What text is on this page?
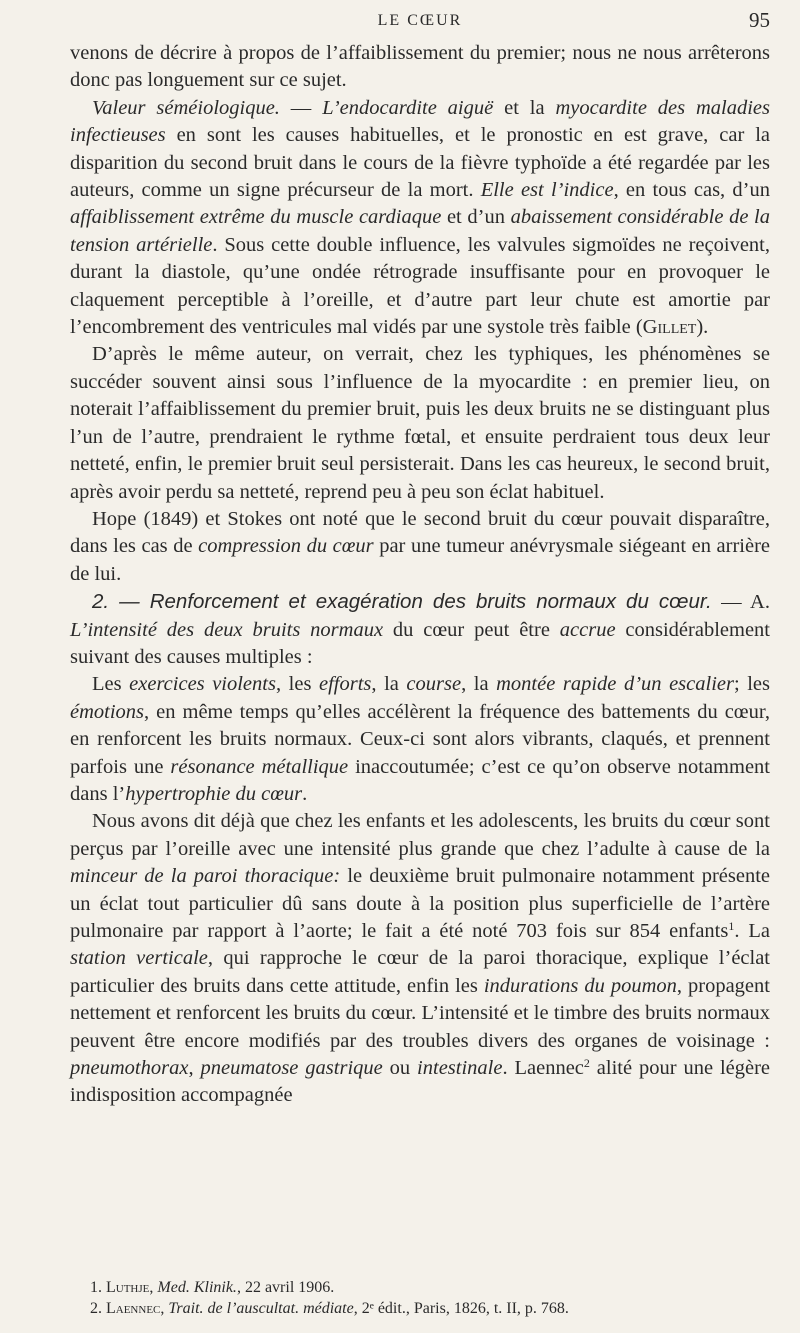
LE CŒUR	95

venons de décrire à propos de l’affaiblissement du premier; nous ne nous arrêterons donc pas longuement sur ce sujet.

Valeur séméiologique. — L’endocardite aiguë et la myocardite des maladies infectieuses en sont les causes habituelles, et le pronostic en est grave, car la disparition du second bruit dans le cours de la fièvre typhoïde a été regardée par les auteurs, comme un signe précurseur de la mort. Elle est l’indice, en tous cas, d’un affaiblissement extrême du muscle cardiaque et d’un abaissement considérable de la tension artérielle. Sous cette double influence, les valvules sigmoïdes ne reçoivent, durant la diastole, qu’une ondée rétrograde insuffisante pour en provoquer le claquement perceptible à l’oreille, et d’autre part leur chute est amortie par l’encombrement des ventricules mal vidés par une systole très faible (Gillet).

D’après le même auteur, on verrait, chez les typhiques, les phénomènes se succéder souvent ainsi sous l’influence de la myocardite : en premier lieu, on noterait l’affaiblissement du premier bruit, puis les deux bruits ne se distinguant plus l’un de l’autre, prendraient le rythme fœtal, et ensuite perdraient tous deux leur netteté, enfin, le premier bruit seul persisterait. Dans les cas heureux, le second bruit, après avoir perdu sa netteté, reprend peu à peu son éclat habituel.

Hope (1849) et Stokes ont noté que le second bruit du cœur pouvait disparaître, dans les cas de compression du cœur par une tumeur anévrysmale siégeant en arrière de lui.

2. — Renforcement et exagération des bruits normaux du cœur. — A. L’intensité des deux bruits normaux du cœur peut être accrue considérablement suivant des causes multiples :

Les exercices violents, les efforts, la course, la montée rapide d’un escalier; les émotions, en même temps qu’elles accélèrent la fréquence des battements du cœur, en renforcent les bruits normaux. Ceux-ci sont alors vibrants, claqués, et prennent parfois une résonance métallique inaccoutumée; c’est ce qu’on observe notamment dans l’hypertrophie du cœur.

Nous avons dit déjà que chez les enfants et les adolescents, les bruits du cœur sont perçus par l’oreille avec une intensité plus grande que chez l’adulte à cause de la minceur de la paroi thoracique: le deuxième bruit pulmonaire notamment présente un éclat tout particulier dû sans doute à la position plus superficielle de l’artère pulmonaire par rapport à l’aorte; le fait a été noté 703 fois sur 854 enfants$^1$. La station verticale, qui rapproche le cœur de la paroi thoracique, explique l’éclat particulier des bruits dans cette attitude, enfin les indurations du poumon, propagent nettement et renforcent les bruits du cœur. L’intensité et le timbre des bruits normaux peuvent être encore modifiés par des troubles divers des organes de voisinage : pneumothorax, pneumatose gastrique ou intestinale. Laennec$^2$ alité pour une légère indisposition accompagnée

1. Luthje, Med. Klinik., 22 avril 1906.

2. Laennec, Trait. de l’auscultat. médiate, 2ᵉ édit., Paris, 1826, t. II, p. 768.
